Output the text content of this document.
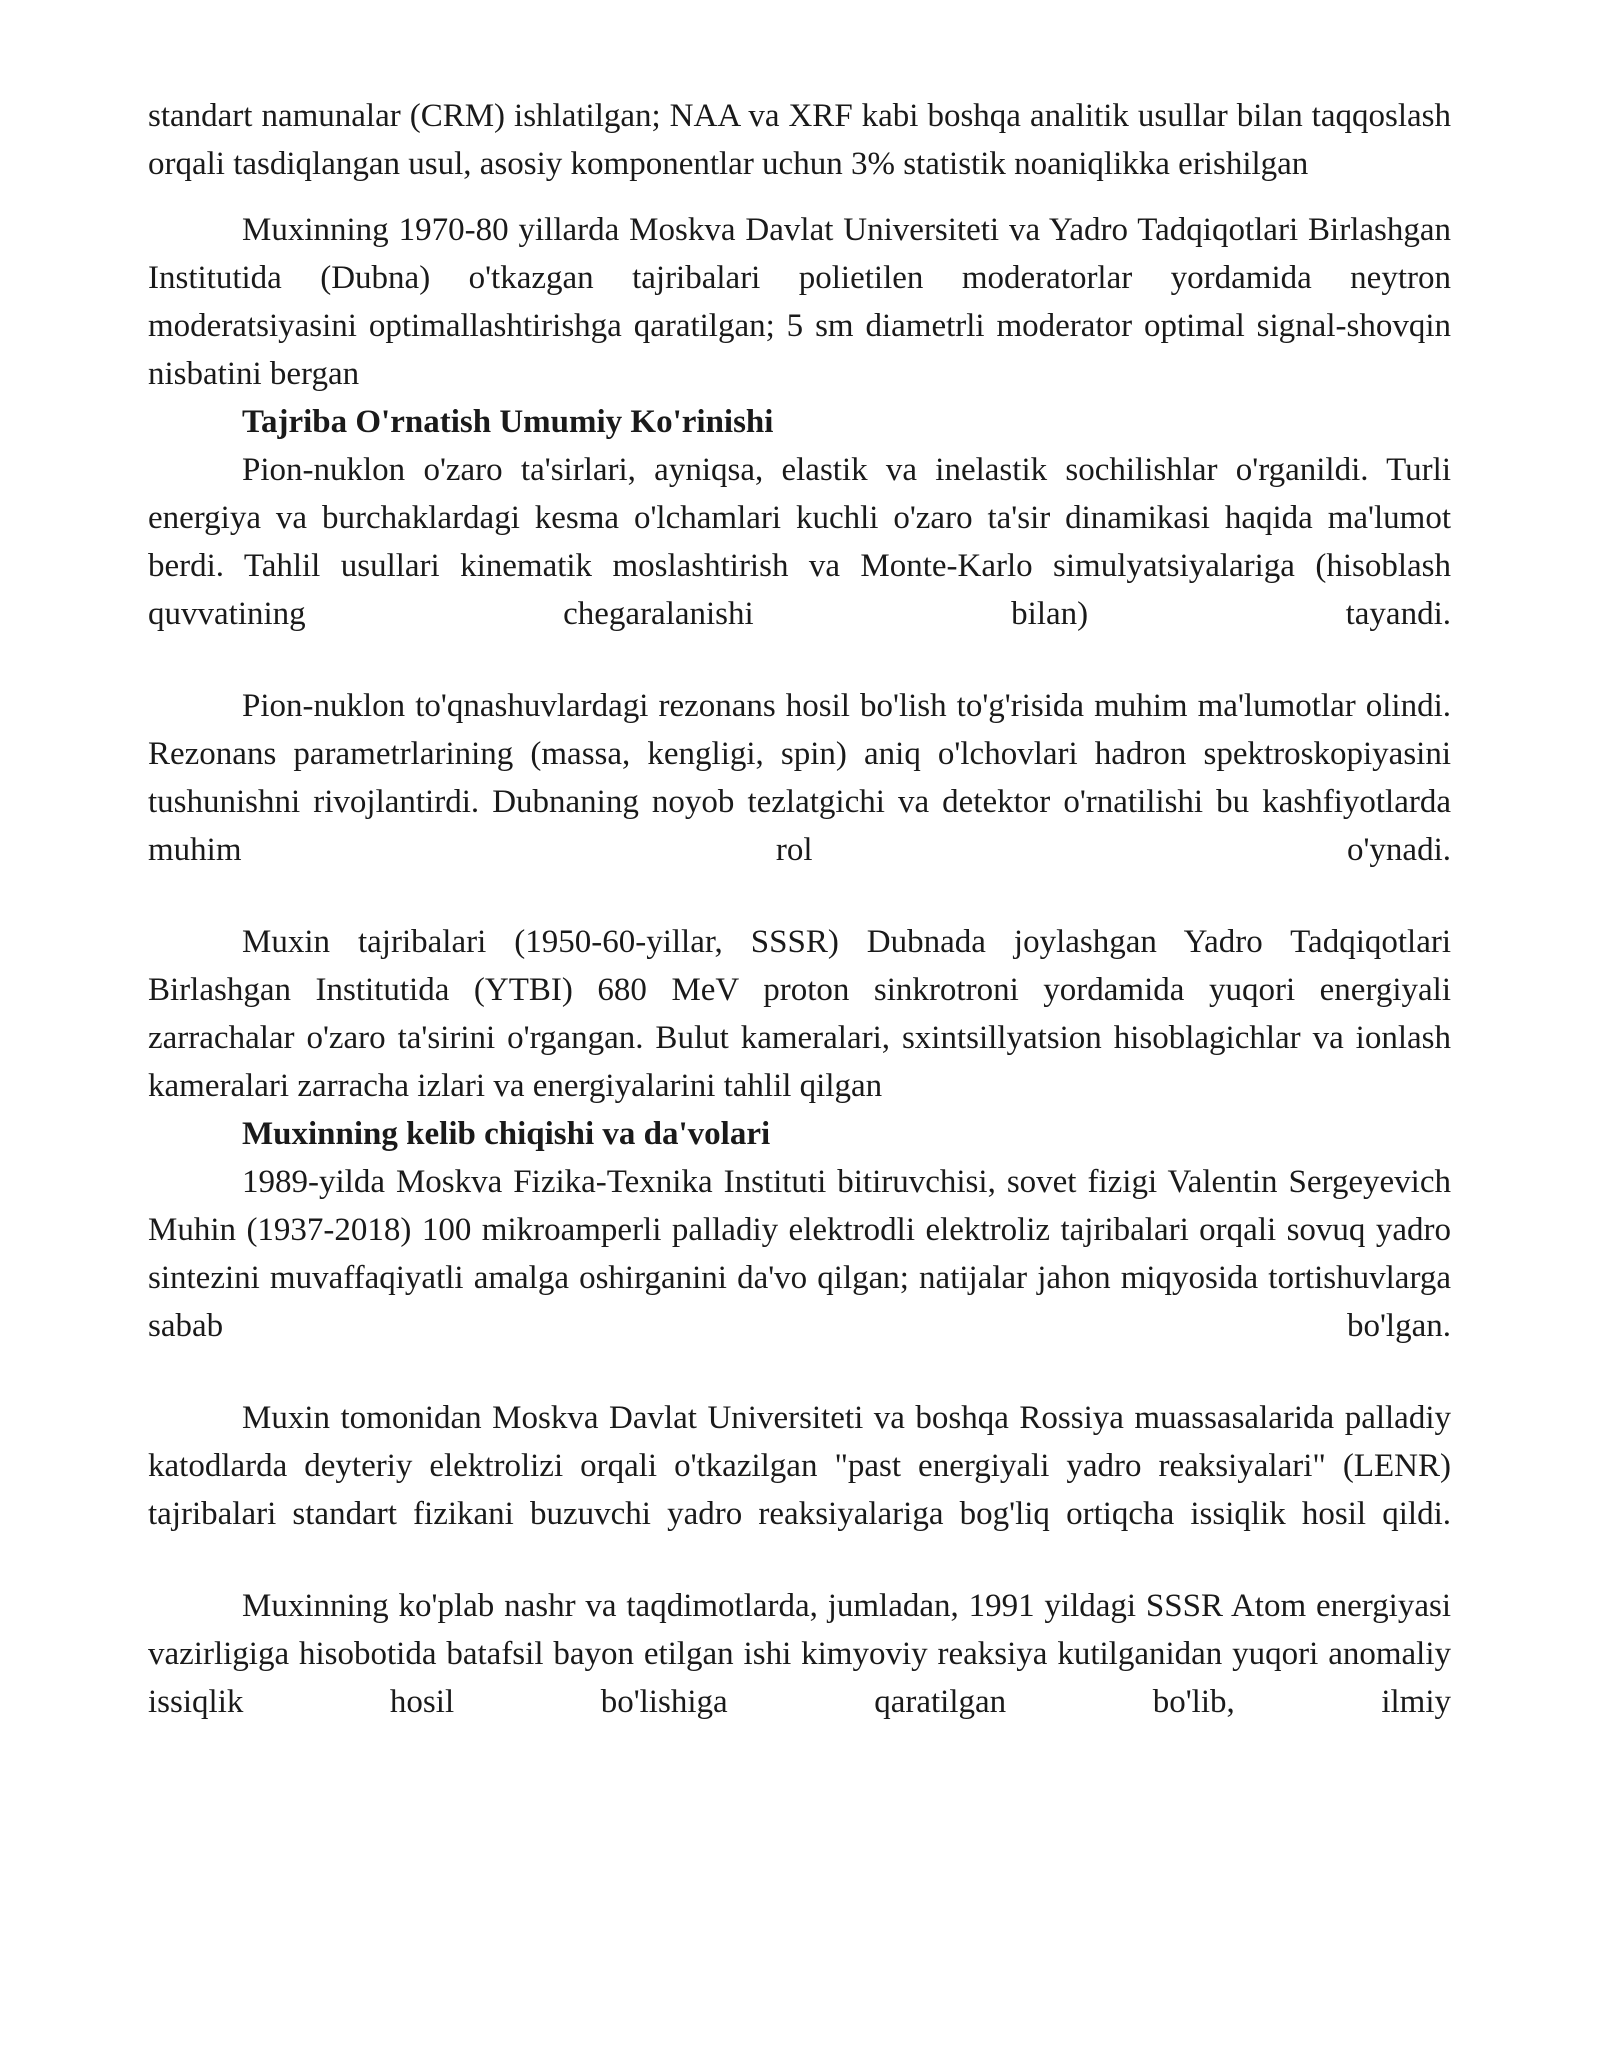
standart namunalar (CRM) ishlatilgan; NAA va XRF kabi boshqa analitik usullar bilan taqqoslash orqali tasdiqlangan usul, asosiy komponentlar uchun 3% statistik noaniqlikka erishilgan

Muxinning 1970-80 yillarda Moskva Davlat Universiteti va Yadro Tadqiqotlari Birlashgan Institutida (Dubna) o'tkazgan tajribalari polietilen moderatorlar yordamida neytron moderatsiyasini optimallashtirishga qaratilgan; 5 sm diametrli moderator optimal signal-shovqin nisbatini bergan

Tajriba O'rnatish Umumiy Ko'rinishi

Pion-nuklon o'zaro ta'sirlari, ayniqsa, elastik va inelastik sochilishlar o'rganildi. Turli energiya va burchaklardagi kesma o'lchamlari kuchli o'zaro ta'sir dinamikasi haqida ma'lumot berdi. Tahlil usullari kinematik moslashtirish va Monte-Karlo simulyatsiyalariga (hisoblash quvvatining chegaralanishi bilan) tayandi.

Pion-nuklon to'qnashuvlardagi rezonans hosil bo'lish to'g'risida muhim ma'lumotlar olindi. Rezonans parametrlarining (massa, kengligi, spin) aniq o'lchovlari hadron spektroskopiyasini tushunishni rivojlantirdi. Dubnaning noyob tezlatgichi va detektor o'rnatilishi bu kashfiyotlarda muhim rol o'ynadi.

Muxin tajribalari (1950-60-yillar, SSSR) Dubnada joylashgan Yadro Tadqiqotlari Birlashgan Institutida (YTBI) 680 MeV proton sinkrotroni yordamida yuqori energiyali zarrachalar o'zaro ta'sirini o'rgangan. Bulut kameralari, sxintsillyatsion hisoblagichlar va ionlash kameralari zarracha izlari va energiyalarini tahlil qilgan

Muxinning kelib chiqishi va da'volari

1989-yilda Moskva Fizika-Texnika Instituti bitiruvchisi, sovet fizigi Valentin Sergeyevich Muhin (1937-2018) 100 mikroamperli palladiy elektrodli elektroliz tajribalari orqali sovuq yadro sintezini muvaffaqiyatli amalga oshirganini da'vo qilgan; natijalar jahon miqyosida tortishuvlarga sabab bo'lgan.

Muxin tomonidan Moskva Davlat Universiteti va boshqa Rossiya muassasalarida palladiy katodlarda deyteriy elektrolizi orqali o'tkazilgan "past energiyali yadro reaksiyalari" (LENR) tajribalari standart fizikani buzuvchi yadro reaksiyalariga bog'liq ortiqcha issiqlik hosil qildi.

Muxinning ko'plab nashr va taqdimotlarda, jumladan, 1991 yildagi SSSR Atom energiyasi vazirligiga hisobotida batafsil bayon etilgan ishi kimyoviy reaksiya kutilganidan yuqori anomaliy issiqlik hosil bo'lishiga qaratilgan bo'lib, ilmiy
